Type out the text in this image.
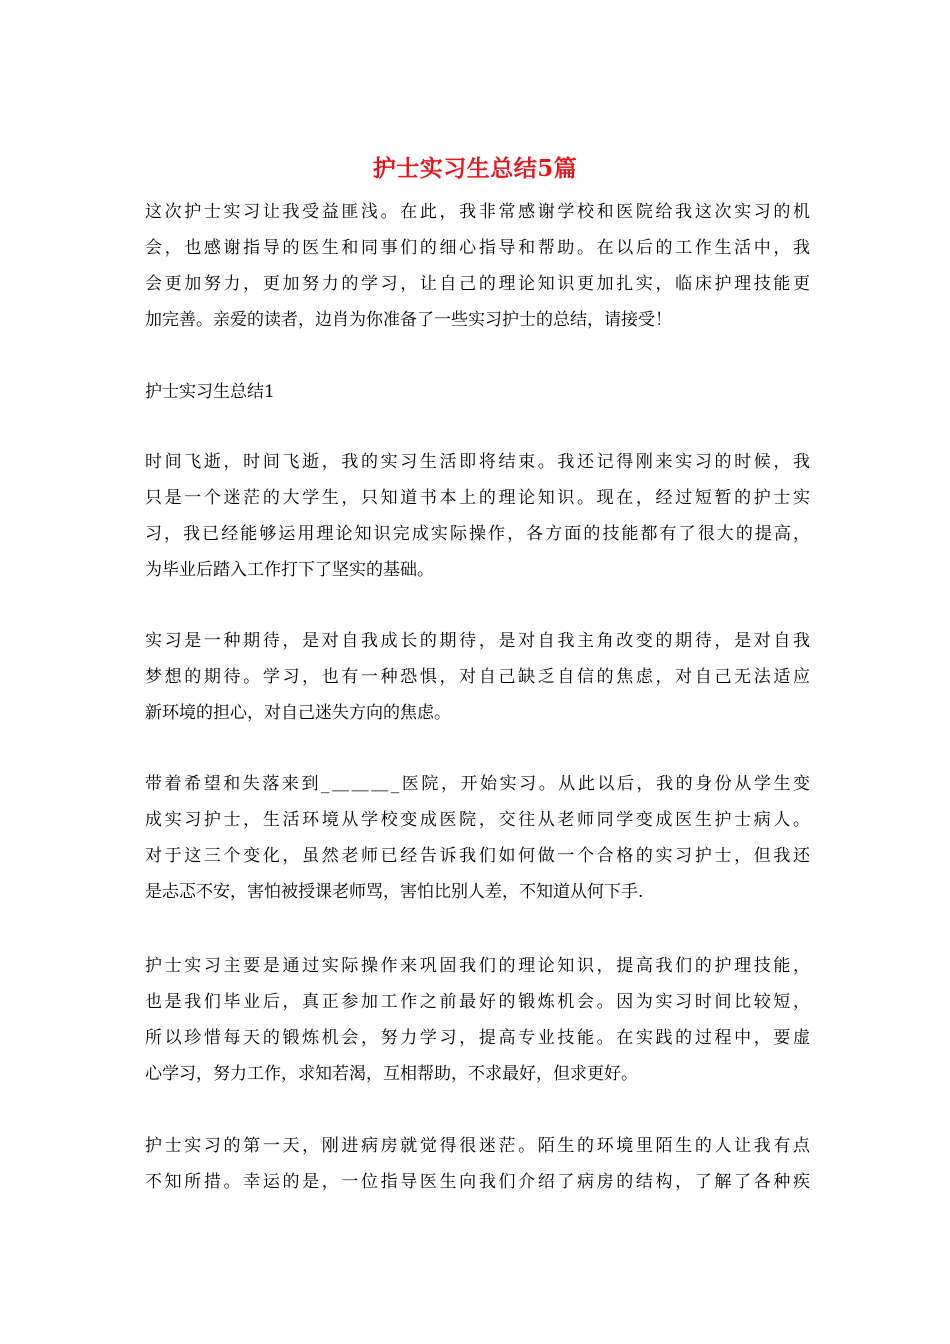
护士实习生总结5篇
这次护士实习让我受益匪浅。在此，我非常感谢学校和医院给我这次实习的机
会，也感谢指导的医生和同事们的细心指导和帮助。在以后的工作生活中，我
会更加努力，更加努力的学习，让自己的理论知识更加扎实，临床护理技能更
加完善。亲爱的读者，边肖为你准备了一些实习护士的总结，请接受！
护士实习生总结1
时间飞逝，时间飞逝，我的实习生活即将结束。我还记得刚来实习的时候，我
只是一个迷茫的大学生，只知道书本上的理论知识。现在，经过短暂的护士实
习，我已经能够运用理论知识完成实际操作，各方面的技能都有了很大的提高，
为毕业后踏入工作打下了坚实的基础。
实习是一种期待，是对自我成长的期待，是对自我主角改变的期待，是对自我
梦想的期待。学习，也有一种恐惧，对自己缺乏自信的焦虑，对自己无法适应
新环境的担心，对自己迷失方向的焦虑。
带着希望和失落来到_＿＿＿_医院，开始实习。从此以后，我的身份从学生变
成实习护士，生活环境从学校变成医院，交往从老师同学变成医生护士病人。
对于这三个变化，虽然老师已经告诉我们如何做一个合格的实习护士，但我还
是忐忑不安，害怕被授课老师骂，害怕比别人差，不知道从何下手.
护士实习主要是通过实际操作来巩固我们的理论知识，提高我们的护理技能，
也是我们毕业后，真正参加工作之前最好的锻炼机会。因为实习时间比较短，
所以珍惜每天的锻炼机会，努力学习，提高专业技能。在实践的过程中，要虚
心学习，努力工作，求知若渴，互相帮助，不求最好，但求更好。
护士实习的第一天，刚进病房就觉得很迷茫。陌生的环境里陌生的人让我有点
不知所措。幸运的是，一位指导医生向我们介绍了病房的结构，了解了各种疾
